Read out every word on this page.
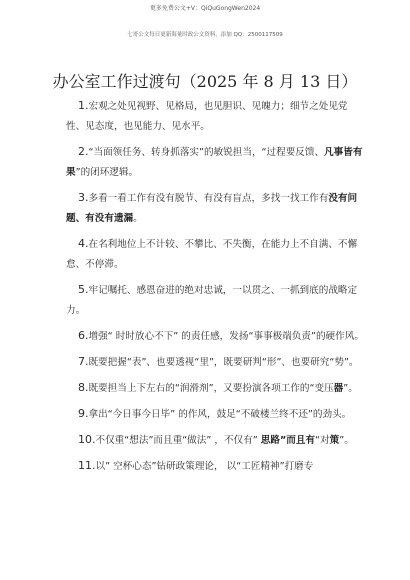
更多免费公文+V：QiQuGongWen2024
七哥公文每日更新海量时政公文资料，添加 QQ：2500117509
办公室工作过渡句（2025 年 8 月 13 日）

1.宏观之处见视野、见格局，也见胆识、见魄力；细节之处见党性、见态度，也见能力、见水平。

2.“当面领任务、转身抓落实”的敏锐担当，“过程要反馈、凡事皆有果”的闭环逻辑。

3.多看一看工作有没有脱节、有没有盲点，多找一找工作有没有问题、有没有遗漏。

4.在名利地位上不计较、不攀比、不失衡，在能力上不自满、不懈怠、不停滞。

5.牢记嘱托、感恩奋进的绝对忠诚，一以贯之、一抓到底的战略定力。

6.增强“ 时时放心不下” 的责任感，发扬“事事极端负责”的硬作风。

7.既要把握“表”、也要透视“里”，既要研判“形”、也要研究“势”。

8.既要担当上下左右的“润滑剂”，又要扮演各项工作的“变压器”。

9.拿出“今日事今日毕” 的作风，鼓足“不破楼兰终不还”的劲头。

10.不仅重“想法”而且重“做法” ，不仅有” 思路”而且有“对策”。

11.以” 空杯心态”钻研政策理论， 以“工匠精神”打磨专
